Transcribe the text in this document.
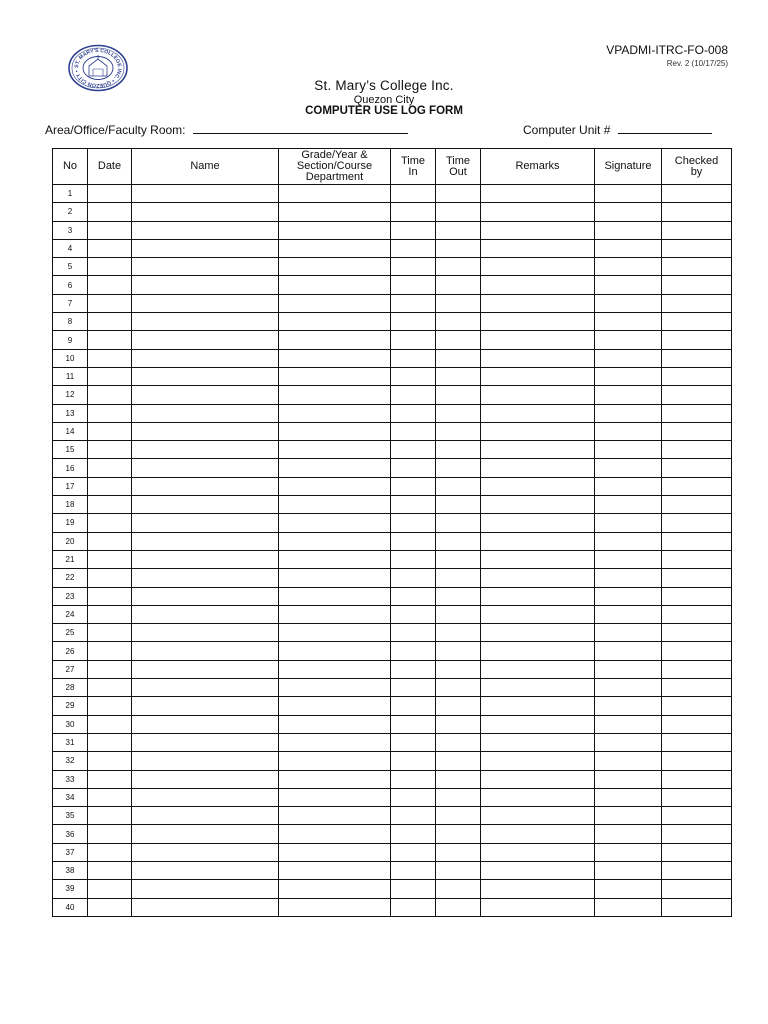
ST. MARY'S COLLEGE INC. • QUEZON CITY •
VPADMI-ITRC-FO-008
Rev. 2 (10/17/25)
St. Mary’s College Inc.
Quezon City
COMPUTER USE LOG FORM
Area/Office/Faculty Room:	Computer Unit #
No	Date	Name	Grade/Year & Section/Course Department	Time In	Time Out	Remarks	Signature	Checked by

1								
2								
3								
4								
5								
6								
7								
8								
9								
10								
11								
12								
13								
14								
15								
16								
17								
18								
19								
20								
21								
22								
23								
24								
25								
26								
27								
28								
29								
30								
31								
32								
33								
34								
35								
36								
37								
38								
39								
40								
